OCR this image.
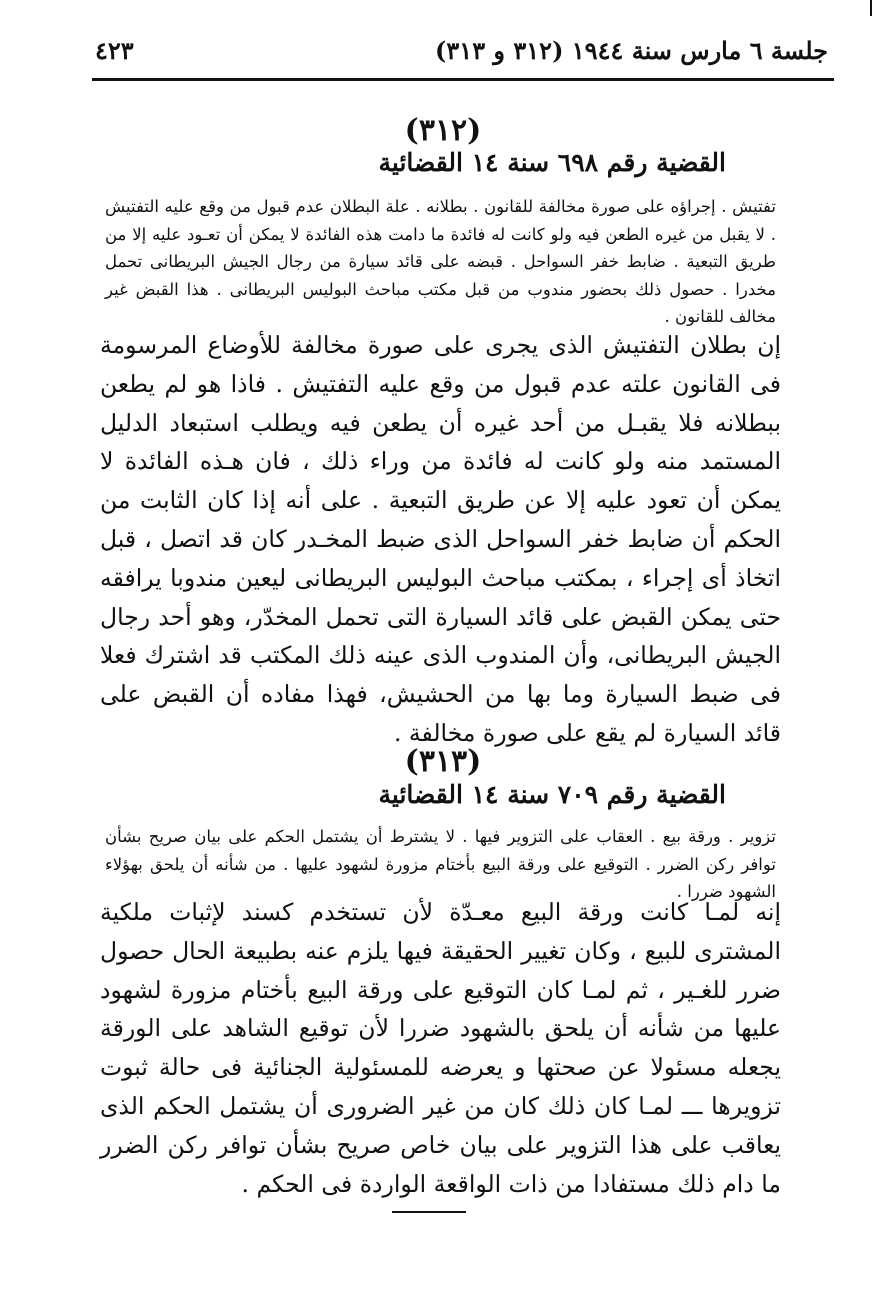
جلسة ٦ مارس سنة ١٩٤٤ (٣١٢ و ٣١٣)
٤٢٣
(٣١٢)
القضية رقم ٦٩٨ سنة ١٤ القضائية
تفتيش . إجراؤه على صورة مخالفة للقانون . بطلانه . علة البطلان عدم قبول من وقع عليه التفتيش . لا يقبل من غيره الطعن فيه ولو كانت له فائدة ما دامت هذه الفائدة لا يمكن أن تعـود عليه إلا من طريق التبعية . ضابط خفر السواحل . قبضه على قائد سيارة من رجال الجيش البريطانى تحمل مخدرا . حصول ذلك بحضور مندوب من قبل مكتب مباحث البوليس البريطانى . هذا القبض غير مخالف للقانون .
إن بطلان التفتيش الذى يجرى على صورة مخالفة للأوضاع المرسومة فى القانون علته عدم قبول من وقع عليه التفتيش . فاذا هو لم يطعن ببطلانه فلا يقبـل من أحد غيره أن يطعن فيه ويطلب استبعاد الدليل المستمد منه ولو كانت له فائدة من وراء ذلك ، فان هـذه الفائدة لا يمكن أن تعود عليه إلا عن طريق التبعية . على أنه إذا كان الثابت من الحكم أن ضابط خفر السواحل الذى ضبط المخـدر كان قد اتصل ، قبل اتخاذ أى إجراء ، بمكتب مباحث البوليس البريطانى ليعين مندوبا يرافقه حتى يمكن القبض على قائد السيارة التى تحمل المخدّر، وهو أحد رجال الجيش البريطانى، وأن المندوب الذى عينه ذلك المكتب قد اشترك فعلا فى ضبط السيارة وما بها من الحشيش، فهذا مفاده أن القبض على قائد السيارة لم يقع على صورة مخالفة .
(٣١٣)
القضية رقم ٧٠٩ سنة ١٤ القضائية
تزوير . ورقة بيع . العقاب على التزوير فيها . لا يشترط أن يشتمل الحكم على بيان صريح بشأن توافر ركن الضرر . التوقيع على ورقة البيع بأختام مزورة لشهود عليها . من شأنه أن يلحق بهؤلاء الشهود ضررا .
إنه لمـا كانت ورقة البيع معـدّة لأن تستخدم كسند لإثبات ملكية المشترى للبيع ، وكان تغيير الحقيقة فيها يلزم عنه بطبيعة الحال حصول ضرر للغـير ، ثم لمـا كان التوقيع على ورقة البيع بأختام مزورة لشهود عليها من شأنه أن يلحق بالشهود ضررا لأن توقيع الشاهد على الورقة يجعله مسئولا عن صحتها و يعرضه للمسئولية الجنائية فى حالة ثبوت تزويرها ـــ لمـا كان ذلك كان من غير الضرورى أن يشتمل الحكم الذى يعاقب على هذا التزوير على بيان خاص صريح بشأن توافر ركن الضرر ما دام ذلك مستفادا من ذات الواقعة الواردة فى الحكم .
